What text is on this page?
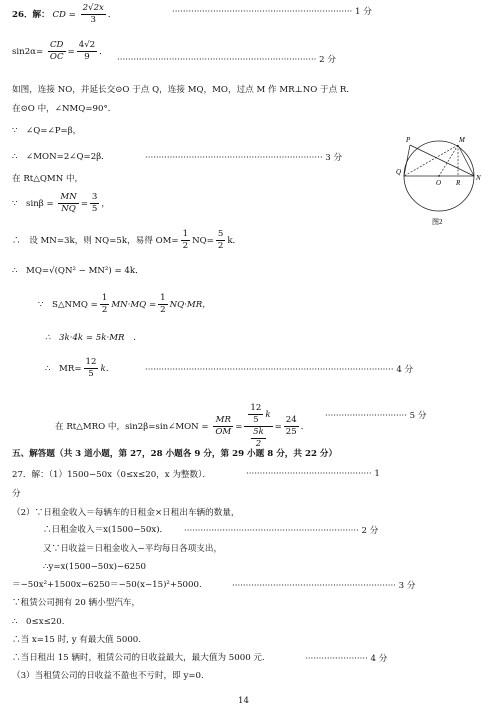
26．解： CD = $\frac{2√2x}{3}$ ．	·································································· 1 分
$\sin 2\alpha= \frac{CD}{OC} = \frac{4√2}{9}$ ．
········································································· 2 分
如图，连接 NO，并延长交⊙O 于点 Q，连接 MQ，MO，过点 M 作 MR⊥NO 于点 R．
在⊙O 中，∠NMQ=90°．
∵　∠Q=∠P=β，
∴　∠MON=2∠Q=2β．	································································· 3 分
在 Rt△QMN 中，
∵　$\sin\beta = \frac{MN}{NQ} = \frac{3}{5}$ ，
∴　设 MN=3k，则 NQ=5k，易得 $OM= \frac{1}{2} NQ= \frac{5}{2}$ k．
∴　MQ=√(QN² − MN²) = 4k．
∵　S△NMQ = $\frac{1}{2} MN\cdot MQ = \frac{1}{2} NQ\cdot MR$，
∴　3k·4k = 5k·MR　．
∴　$MR= \frac{12}{5}$ k．	··························································································· 4 分
在 Rt△MRO 中，sin2β=sin∠MON = $\frac{MR}{OM} = \frac{\frac{12}{5} k}{\frac{5k}{2}} = \frac{24}{25}$ ．
······························ 5 分
五、解答题（共 3 道小题，第 27，28 小题各 9 分，第 29 小题 8 分，共 22 分）
27．解：（1）1500−50x（0≤x≤20，x 为整数）．	·············································· 1
分
（2）∵日租金收入＝每辆车的日租金×日租出车辆的数量，
∴日租金收入＝x(1500−50x)． ································································ 2 分
又∵日收益＝日租金收入−平均每日各项支出，
∴y=x(1500−50x)−6250
＝−50x²+1500x−6250＝−50(x−15)²+5000.	···························································· 3 分
∵租赁公司拥有 20 辆小型汽车，
∴　0≤x≤20.
∴当 x=15 时, y 有最大值 5000.
∴当日租出 15 辆时，租赁公司的日收益最大，最大值为 5000 元.	······················· 4 分
（3）当租赁公司的日收益不盈也不亏时，即 y=0.
14
P	M
Q
O R
N
图2
